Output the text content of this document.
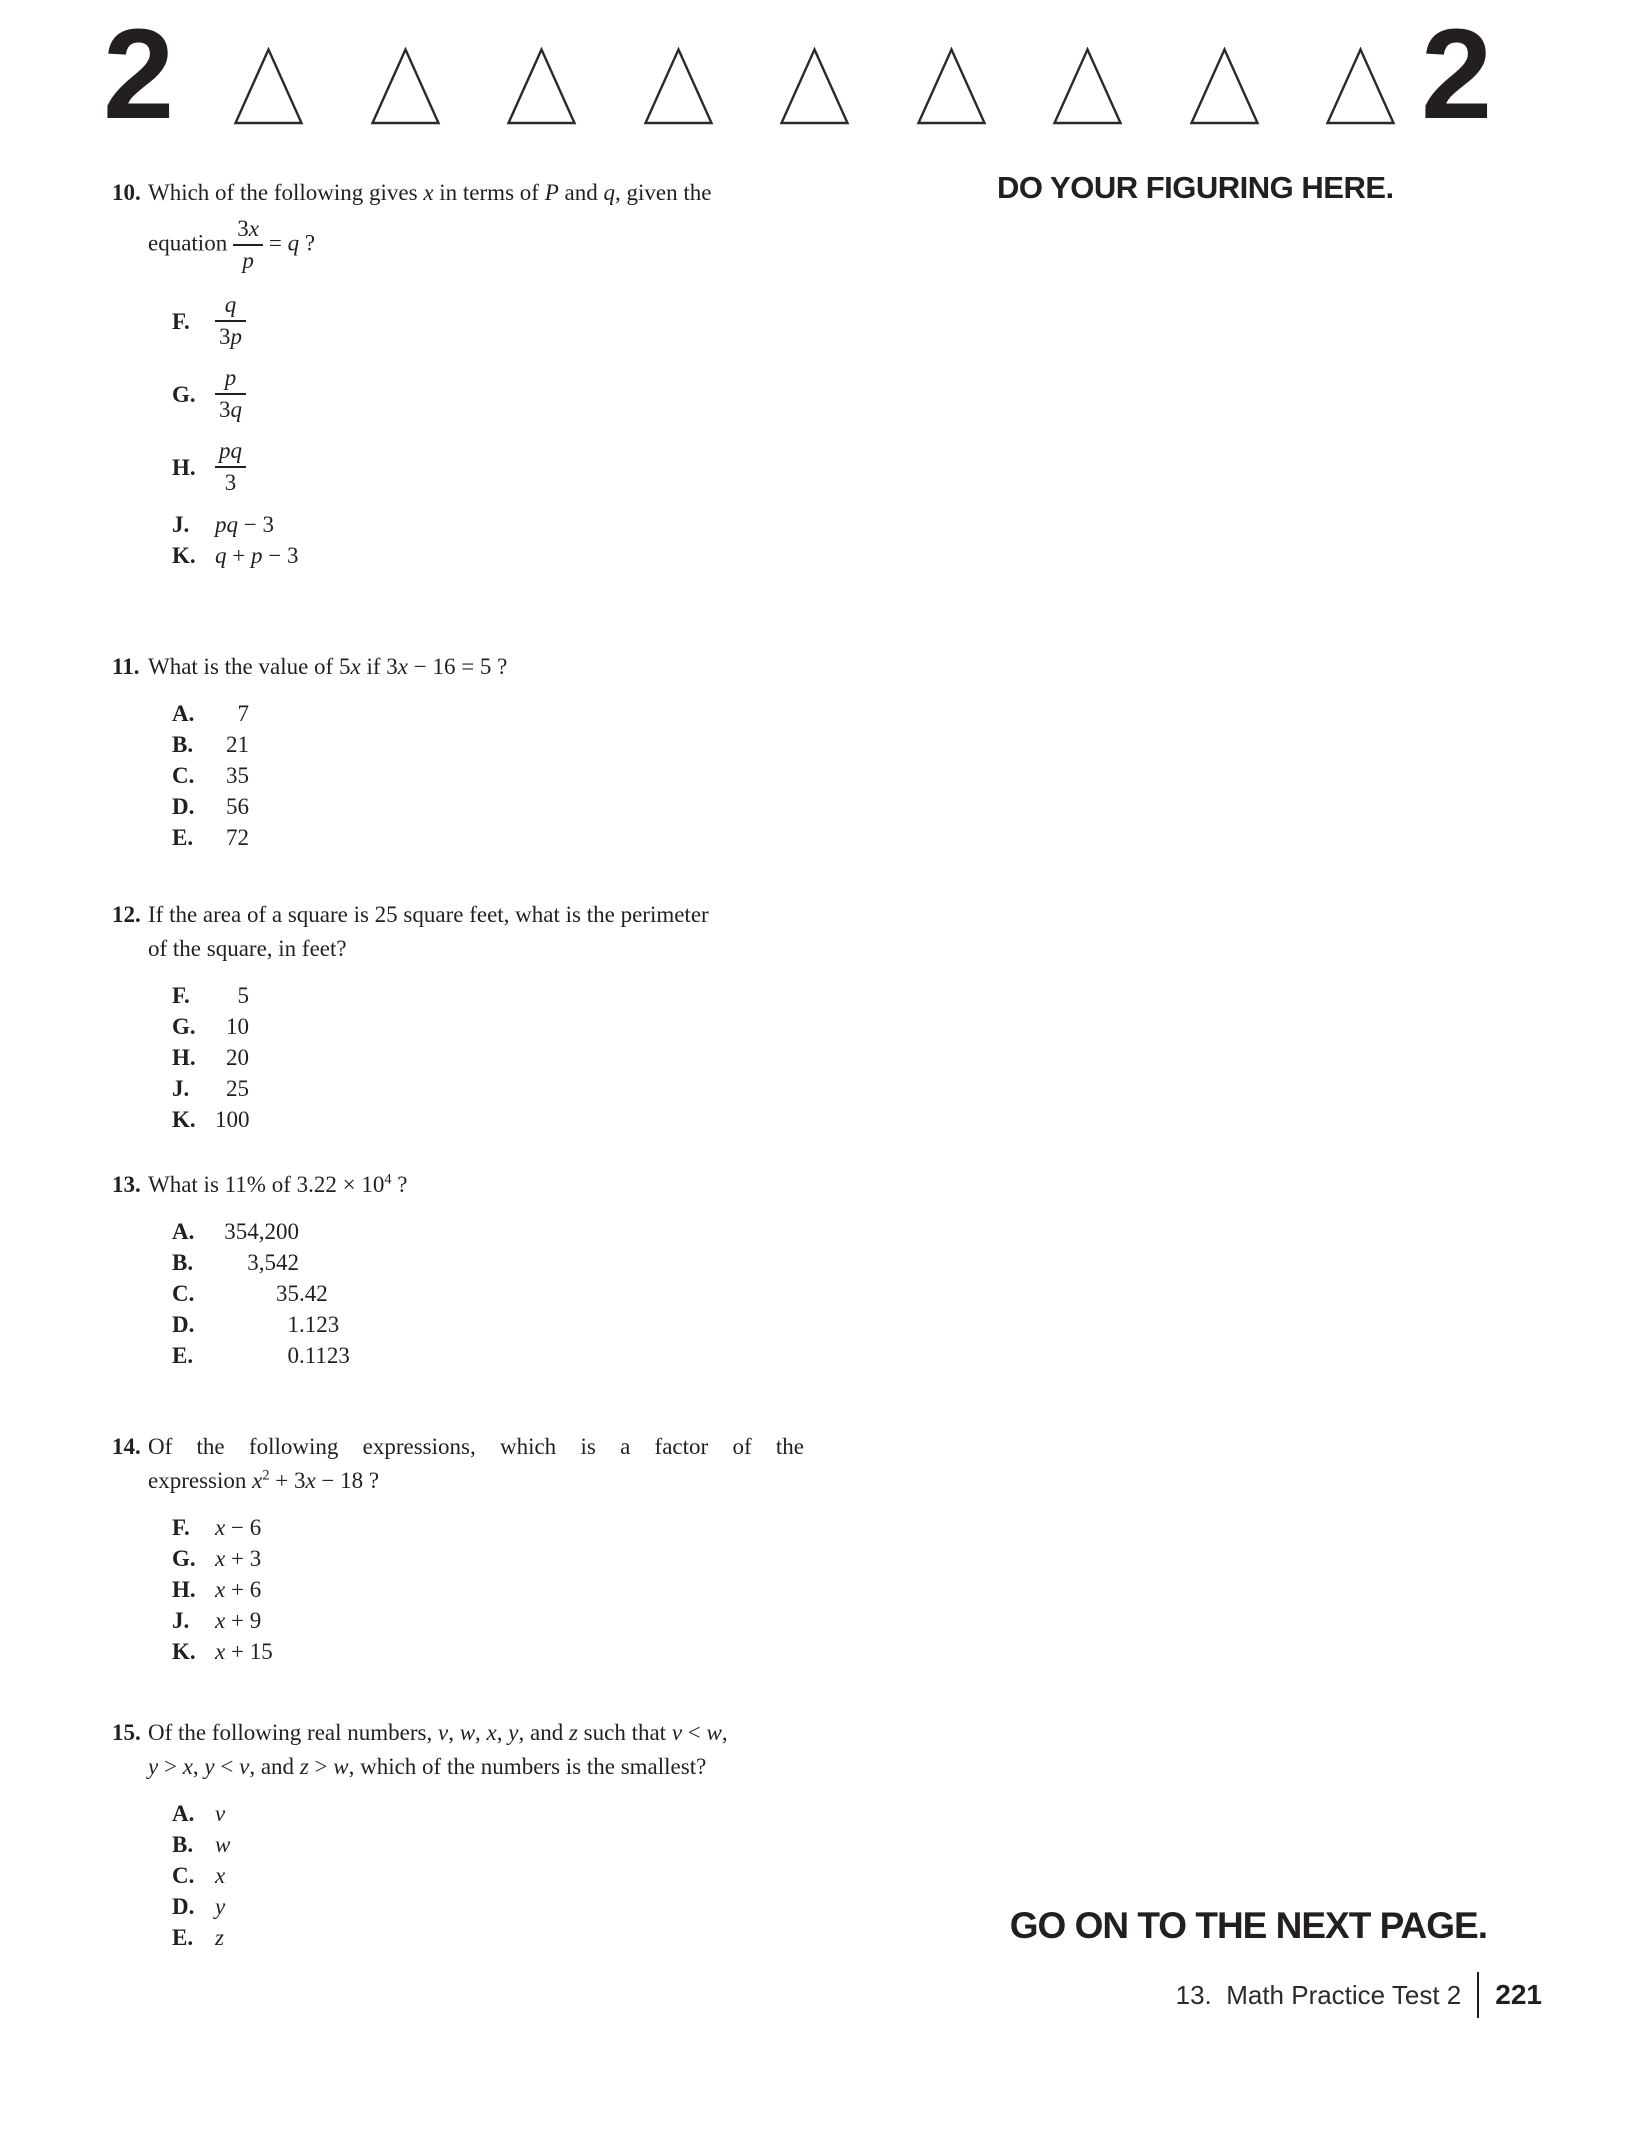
2	2
DO YOUR FIGURING HERE.
10. Which of the following gives x in terms of P and q, given the
equation $\frac{3x}{p} = q$ ?
F.	$\frac{q}{3p}$
G. $\frac{p}{3q}$
H. $\frac{pq}{3}$
J.	pq − 3
K. q + p − 3
11. What is the value of 5x if 3x − 16 = 5 ?
A.	7
B.	21
C.	35
D.	56
E.	72
12. If the area of a square is 25 square feet, what is the perimeter
of the square, in feet?
F.	5
G.	10
H.	20
J.	25
K. 100
13. What is 11% of $3.22 \times 10^4$ ?
A.	354,200
B.	3,542
C.	35.42
D.	1.123
E.	0.1123
14. Of the following expressions, which is a factor of the
expression $x^2 + 3x - 18$ ?
F.	x − 6
G. x + 3
H. x + 6
J.	x + 9
K. x + 15
15. Of the following real numbers, v, w, x, y, and z such that v < w,
y > x, y < v, and z > w, which of the numbers is the smallest?
A. v
B. w
C. x
D. y
E. z	GO ON TO THE NEXT PAGE.
13.  Math Practice Test 2 221
